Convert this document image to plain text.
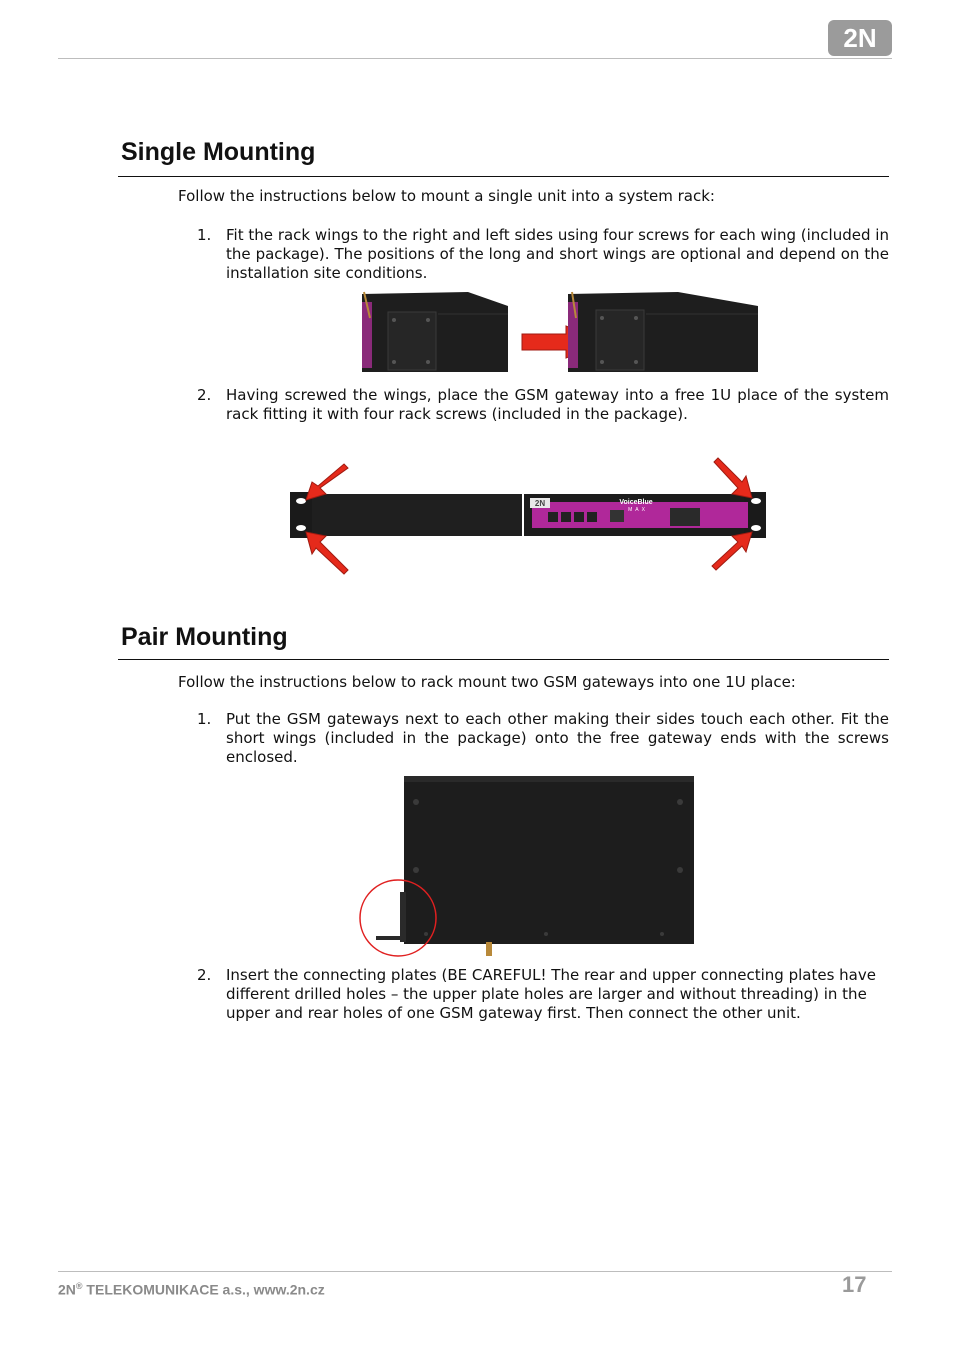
2N
Single Mounting
Follow the instructions below to mount a single unit into a system rack:
1. Fit the rack wings to the right and left sides using four screws for each wing (included in the package). The positions of the long and short wings are optional and depend on the installation site conditions.
2. Having screwed the wings, place the GSM gateway into a free 1U place of the system rack fitting it with four rack screws (included in the package).
2N	VoiceBlue
MAX
Pair Mounting
Follow the instructions below to rack mount two GSM gateways into one 1U place:
1. Put the GSM gateways next to each other making their sides touch each other. Fit the short wings (included in the package) onto the free gateway ends with the screws enclosed.
2. Insert the connecting plates (BE CAREFUL! The rear and upper connecting plates have different drilled holes – the upper plate holes are larger and without threading) in the upper and rear holes of one GSM gateway first. Then connect the other unit.
2N® TELEKOMUNIKACE a.s., www.2n.cz	17
